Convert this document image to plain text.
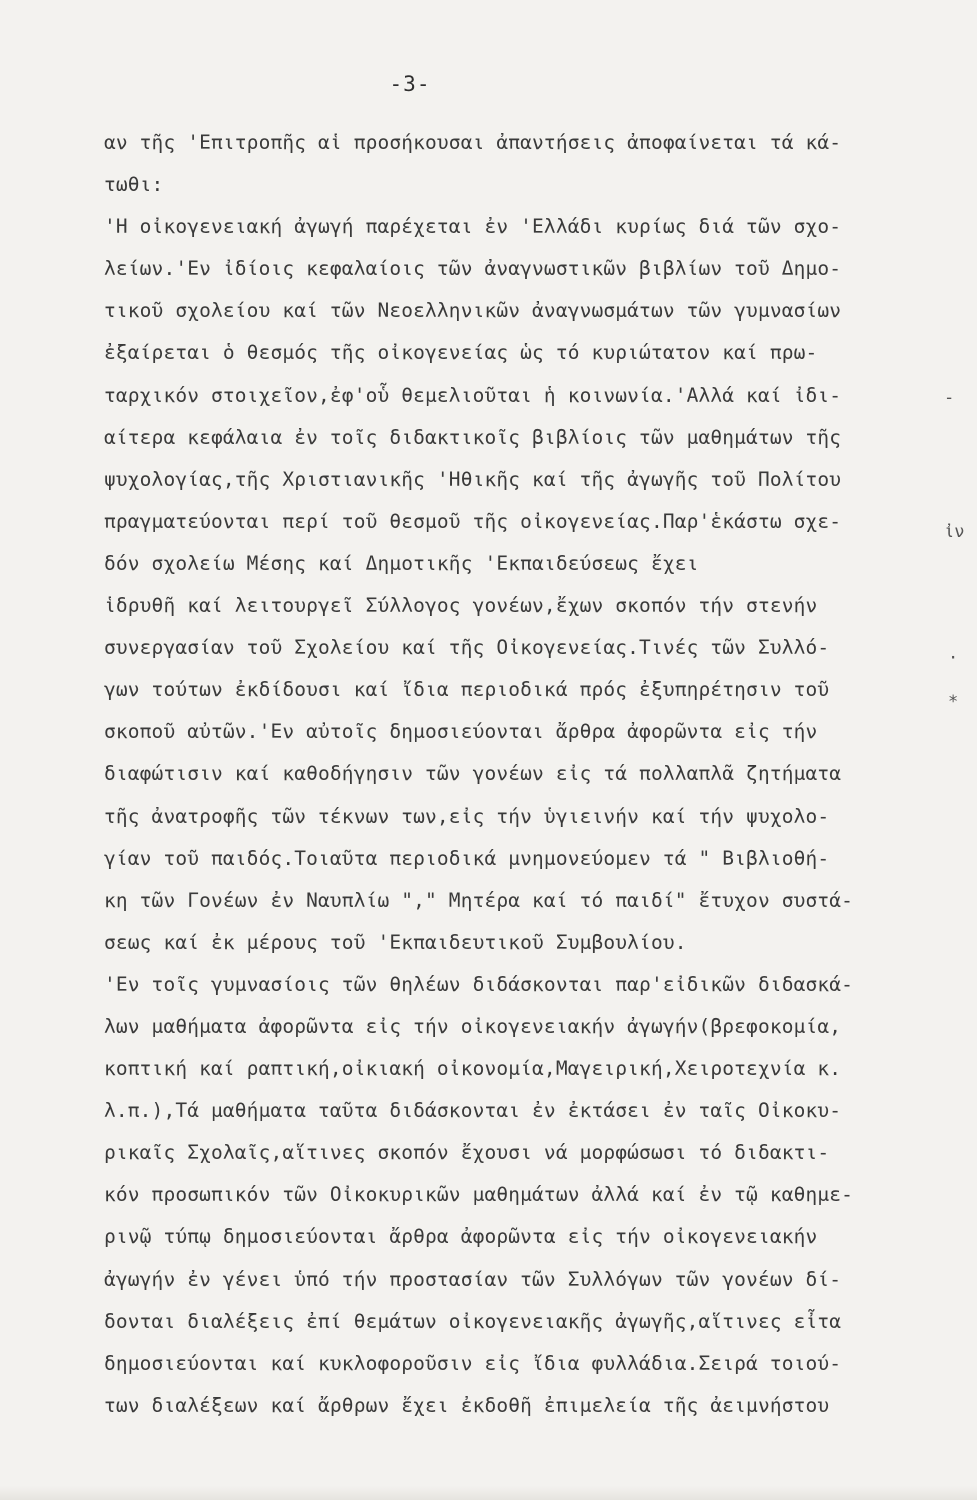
-3-
αν τῆς 'Επιτροπῆς αἱ προσήκουσαι ἀπαντήσεις ἀποφαίνεται τά κά-
τωθι:
'Η οἰκογενειακή ἀγωγή παρέχεται ἐν 'Ελλάδι κυρίως διά τῶν σχο-
λείων.'Εν ἰδίοις κεφαλαίοις τῶν ἀναγνωστικῶν βιβλίων τοῦ Δημο-
τικοῦ σχολείου καί τῶν Νεοελληνικῶν ἀναγνωσμάτων τῶν γυμνασίων
ἐξαίρεται ὁ θεσμός τῆς οἰκογενείας ὡς τό κυριώτατον καί πρω-
ταρχικόν στοιχεῖον,ἐφ'οὗ θεμελιοῦται ἡ κοινωνία.'Αλλά καί ἰδι-
αίτερα κεφάλαια ἐν τοῖς διδακτικοῖς βιβλίοις τῶν μαθημάτων τῆς
ψυχολογίας,τῆς Χριστιανικῆς 'Ηθικῆς καί τῆς ἀγωγῆς τοῦ Πολίτου
πραγματεύονται περί τοῦ θεσμοῦ τῆς οἰκογενείας.Παρ'ἑκάστω σχε-
δόν σχολείω Μέσης καί Δημοτικῆς 'Εκπαιδεύσεως ἔχει
ἱδρυθῆ καί λειτουργεῖ Σύλλογος γονέων,ἔχων σκοπόν τήν στενήν
συνεργασίαν τοῦ Σχολείου καί τῆς Οἰκογενείας.Τινές τῶν Συλλό-
γων τούτων ἐκδίδουσι καί ἴδια περιοδικά πρός ἐξυπηρέτησιν τοῦ
σκοποῦ αὐτῶν.'Εν αὐτοῖς δημοσιεύονται ἄρθρα ἀφορῶντα εἰς τήν
διαφώτισιν καί καθοδήγησιν τῶν γονέων εἰς τά πολλαπλᾶ ζητήματα
τῆς ἀνατροφῆς τῶν τέκνων των,εἰς τήν ὑγιεινήν καί τήν ψυχολο-
γίαν τοῦ παιδός.Τοιαῦτα περιοδικά μνημονεύομεν τά " Βιβλιοθή-
κη τῶν Γονέων ἐν Ναυπλίω "," Μητέρα καί τό παιδί" ἔτυχον συστά-
σεως καί ἐκ μέρους τοῦ 'Εκπαιδευτικοῦ Συμβουλίου.
'Εν τοῖς γυμνασίοις τῶν θηλέων διδάσκονται παρ'εἰδικῶν διδασκά-
λων μαθήματα ἀφορῶντα εἰς τήν οἰκογενειακήν ἀγωγήν(βρεφοκομία,
κοπτική καί ραπτική,οἰκιακή οἰκονομία,Μαγειρική,Χειροτεχνία κ.
λ.π.),Τά μαθήματα ταῦτα διδάσκονται ἐν ἐκτάσει ἐν ταῖς Οἰκοκυ-
ρικαῖς Σχολαῖς,αἵτινες σκοπόν ἔχουσι νά μορφώσωσι τό διδακτι-
κόν προσωπικόν τῶν Οἰκοκυρικῶν μαθημάτων ἀλλά καί ἐν τῷ καθημε-
ρινῷ τύπῳ δημοσιεύονται ἄρθρα ἀφορῶντα εἰς τήν οἰκογενειακήν
ἀγωγήν ἐν γένει ὑπό τήν προστασίαν τῶν Συλλόγων τῶν γονέων δί-
δονται διαλέξεις ἐπί θεμάτων οἰκογενειακῆς ἀγωγῆς,αἵτινες εἶτα
δημοσιεύονται καί κυκλοφοροῦσιν εἰς ἴδια φυλλάδια.Σειρά τοιού-
των διαλέξεων καί ἄρθρων ἔχει ἐκδοθῆ ἐπιμελεία τῆς ἀειμνήστου
-
ἰν
·
*
